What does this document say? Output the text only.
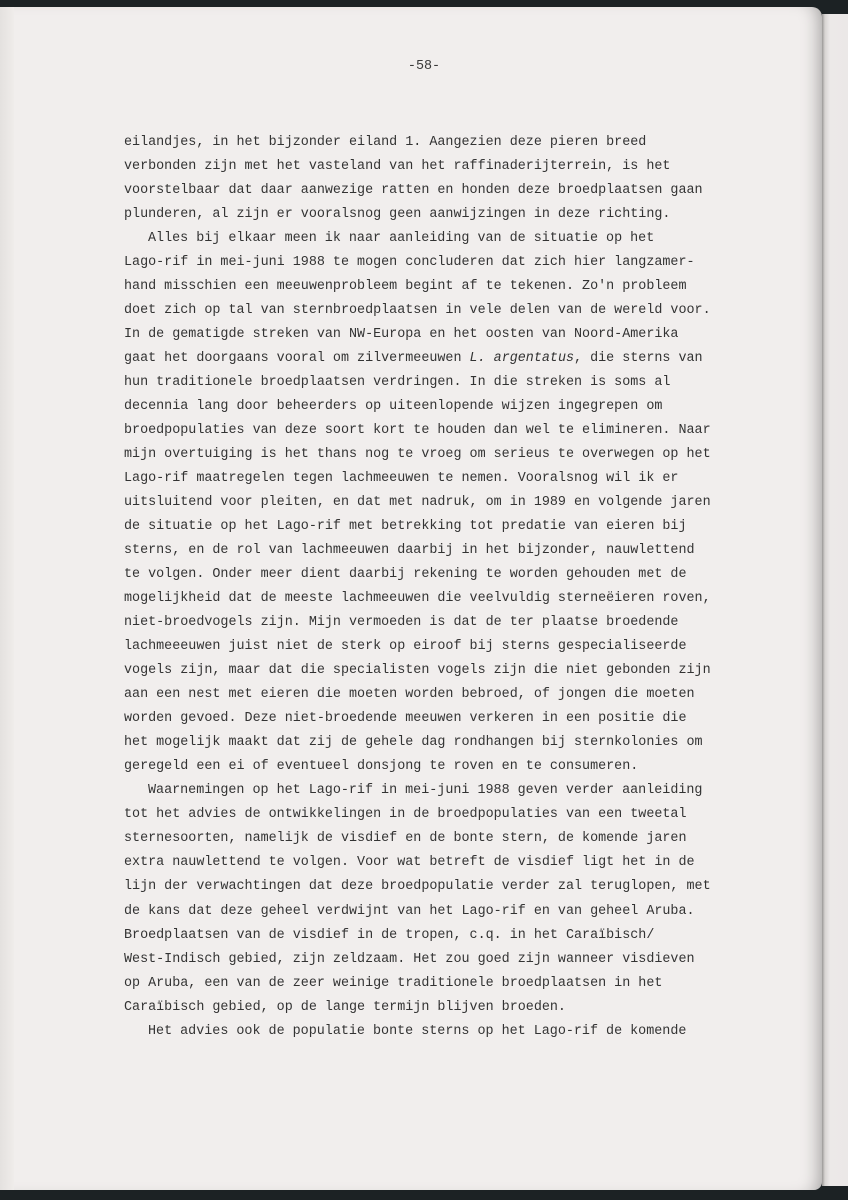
-58-
eilandjes, in het bijzonder eiland 1. Aangezien deze pieren breed
verbonden zijn met het vasteland van het raffinaderijterrein, is het
voorstelbaar dat daar aanwezige ratten en honden deze broedplaatsen gaan
plunderen, al zijn er vooralsnog geen aanwijzingen in deze richting.
Alles bij elkaar meen ik naar aanleiding van de situatie op het
Lago-rif in mei-juni 1988 te mogen concluderen dat zich hier langzamer-
hand misschien een meeuwenprobleem begint af te tekenen. Zo'n probleem
doet zich op tal van sternbroedplaatsen in vele delen van de wereld voor.
In de gematigde streken van NW-Europa en het oosten van Noord-Amerika
gaat het doorgaans vooral om zilvermeeuwen L. argentatus, die sterns van
hun traditionele broedplaatsen verdringen. In die streken is soms al
decennia lang door beheerders op uiteenlopende wijzen ingegrepen om
broedpopulaties van deze soort kort te houden dan wel te elimineren. Naar
mijn overtuiging is het thans nog te vroeg om serieus te overwegen op het
Lago-rif maatregelen tegen lachmeeuwen te nemen. Vooralsnog wil ik er
uitsluitend voor pleiten, en dat met nadruk, om in 1989 en volgende jaren
de situatie op het Lago-rif met betrekking tot predatie van eieren bij
sterns, en de rol van lachmeeuwen daarbij in het bijzonder, nauwlettend
te volgen. Onder meer dient daarbij rekening te worden gehouden met de
mogelijkheid dat de meeste lachmeeuwen die veelvuldig sterneëieren roven,
niet-broedvogels zijn. Mijn vermoeden is dat de ter plaatse broedende
lachmeeeuwen juist niet de sterk op eiroof bij sterns gespecialiseerde
vogels zijn, maar dat die specialisten vogels zijn die niet gebonden zijn
aan een nest met eieren die moeten worden bebroed, of jongen die moeten
worden gevoed. Deze niet-broedende meeuwen verkeren in een positie die
het mogelijk maakt dat zij de gehele dag rondhangen bij sternkolonies om
geregeld een ei of eventueel donsjong te roven en te consumeren.
Waarnemingen op het Lago-rif in mei-juni 1988 geven verder aanleiding
tot het advies de ontwikkelingen in de broedpopulaties van een tweetal
sternesoorten, namelijk de visdief en de bonte stern, de komende jaren
extra nauwlettend te volgen. Voor wat betreft de visdief ligt het in de
lijn der verwachtingen dat deze broedpopulatie verder zal teruglopen, met
de kans dat deze geheel verdwijnt van het Lago-rif en van geheel Aruba.
Broedplaatsen van de visdief in de tropen, c.q. in het Caraïbisch/
West-Indisch gebied, zijn zeldzaam. Het zou goed zijn wanneer visdieven
op Aruba, een van de zeer weinige traditionele broedplaatsen in het
Caraïbisch gebied, op de lange termijn blijven broeden.
Het advies ook de populatie bonte sterns op het Lago-rif de komende
